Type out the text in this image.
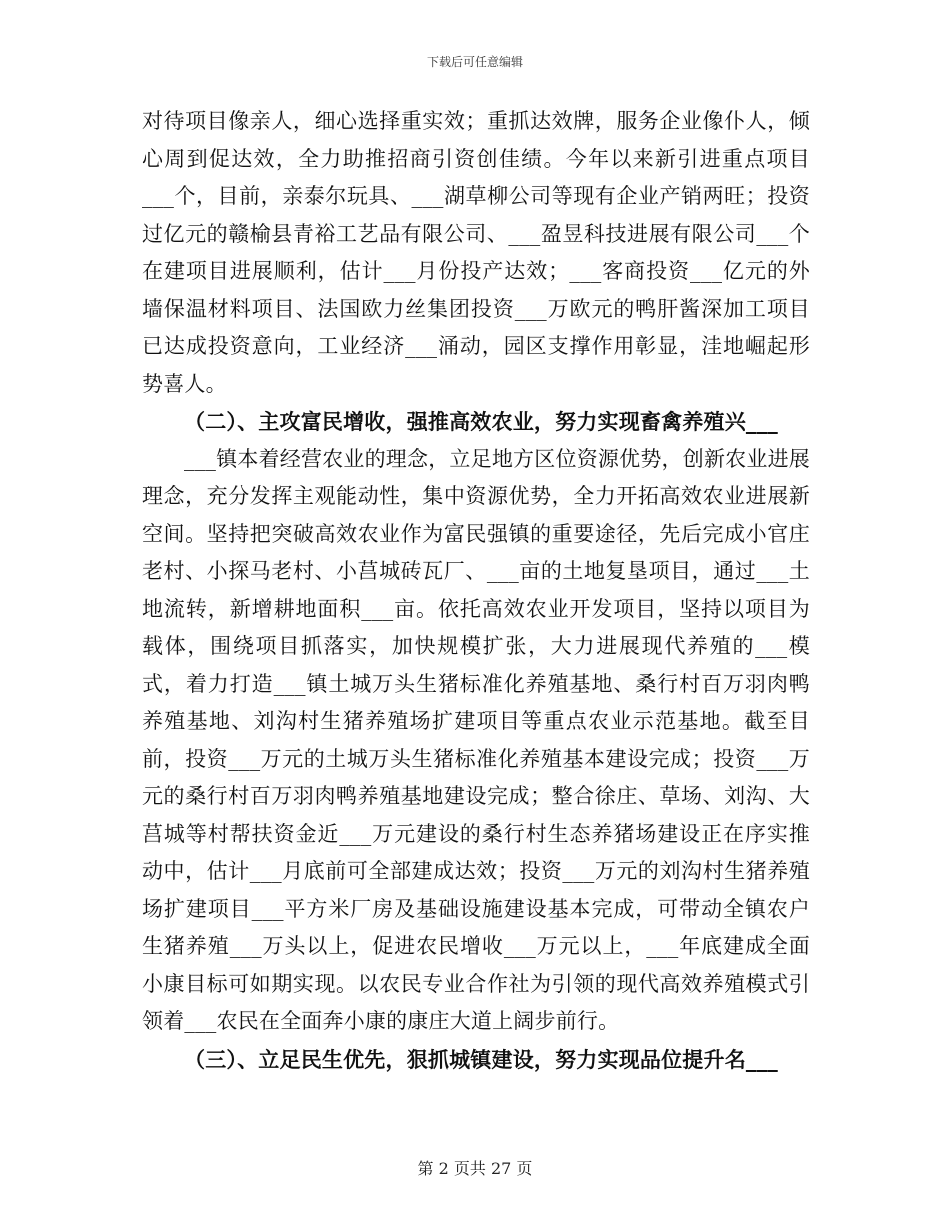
下载后可任意编辑

对待项目像亲人，细心选择重实效；重抓达效牌，服务企业像仆人，倾心周到促达效，全力助推招商引资创佳绩。今年以来新引进重点项目___个，目前，亲泰尔玩具、___湖草柳公司等现有企业产销两旺；投资过亿元的赣榆县青裕工艺品有限公司、___盈昱科技进展有限公司___个在建项目进展顺利，估计___月份投产达效；___客商投资___亿元的外墙保温材料项目、法国欧力丝集团投资___万欧元的鸭肝酱深加工项目已达成投资意向，工业经济___涌动，园区支撑作用彰显，洼地崛起形势喜人。

（二）、主攻富民增收，强推高效农业，努力实现畜禽养殖兴___

___镇本着经营农业的理念，立足地方区位资源优势，创新农业进展理念，充分发挥主观能动性，集中资源优势，全力开拓高效农业进展新空间。坚持把突破高效农业作为富民强镇的重要途径，先后完成小官庄老村、小探马老村、小莒城砖瓦厂、___亩的土地复垦项目，通过___土地流转，新增耕地面积___亩。依托高效农业开发项目，坚持以项目为载体，围绕项目抓落实，加快规模扩张，大力进展现代养殖的___模式，着力打造___镇土城万头生猪标准化养殖基地、桑行村百万羽肉鸭养殖基地、刘沟村生猪养殖场扩建项目等重点农业示范基地。截至目前，投资___万元的土城万头生猪标准化养殖基本建设完成；投资___万元的桑行村百万羽肉鸭养殖基地建设完成；整合徐庄、草场、刘沟、大莒城等村帮扶资金近___万元建设的桑行村生态养猪场建设正在序实推动中，估计___月底前可全部建成达效；投资___万元的刘沟村生猪养殖场扩建项目___平方米厂房及基础设施建设基本完成，可带动全镇农户生猪养殖___万头以上，促进农民增收___万元以上，___年底建成全面小康目标可如期实现。以农民专业合作社为引领的现代高效养殖模式引领着___农民在全面奔小康的康庄大道上阔步前行。

（三）、立足民生优先，狠抓城镇建设，努力实现品位提升名___

第 2 页共 27 页
